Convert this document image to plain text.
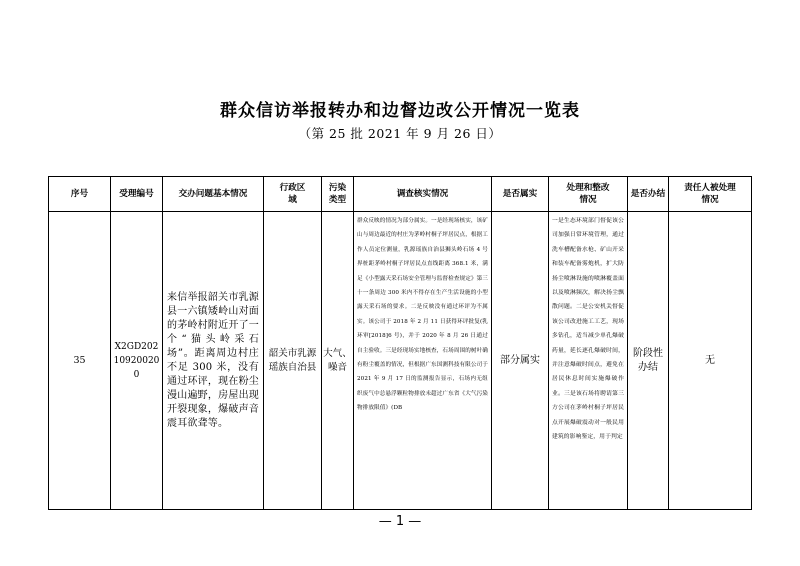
群众信访举报转办和边督边改公开情况一览表
（第 25 批 2021 年 9 月 26 日）
序号	受理编号	交办问题基本情况	行政区域	污染类型	调查核实情况	是否属实	处理和整改情况	是否办结	责任人被处理情况
35	X2GD202109200200	来信举报韶关市乳源县一六镇矮岭山对面的茅岭村附近开了一个“猫头岭采石场”。距离周边村庄不足 300 米，没有通过环评，现在粉尘漫山遍野，房屋出现开裂现象，爆破声音震耳欲聋等。	韶关市乳源瑶族自治县	大气、噪音	群众反映的情况为部分属实。一是经现场核实，该矿山与周边最近的村庄为茅岭村桐子坪居民点，根据工作人员定位测量，乳源瑶族自治县狮头岭石场 4 号界桩距茅岭村桐子坪居民点直线距离 368.1 米，满足《小型露天采石场安全管理与监督检查规定》第三十一条周边 300 米内不得存在生产生活设施的小型露天采石场的要求。二是反映没有通过环评为不属实。该公司于 2018 年 2 月 11 日获得环评批复(乳环审[2018]6 号)，并于 2020 年 8 月 26 日通过自主验收。三是经现场实地核查，石场周围的树叶确有粉尘覆盖的情况，但根据广东国测科技有限公司于 2021 年 9 月 17 日的监测报告显示，石场内无组织废气中总悬浮颗粒物排放未超过广东省《大气污染物排放限值》(DB	部分属实	一是生态环境部门督促该公司加强日常环境管理，通过洗车槽配备水枪、矿山开采和装车配备雾炮机，扩大防扬尘喷淋设施的喷淋覆盖面以及喷淋频次，解决扬尘飘散问题。二是公安机关督促该公司改进施工工艺，现场多钻孔，适当减少单孔爆破药量，延长逐孔爆破时间，并注意爆破时间点，避免在居民休息时间实施爆破作业。三是该石场将聘请第三方公司在茅岭村桐子坪居民点开展爆破震动对一般民用建筑的影响鉴定，用于判定	阶段性办结	无
— 1 —
